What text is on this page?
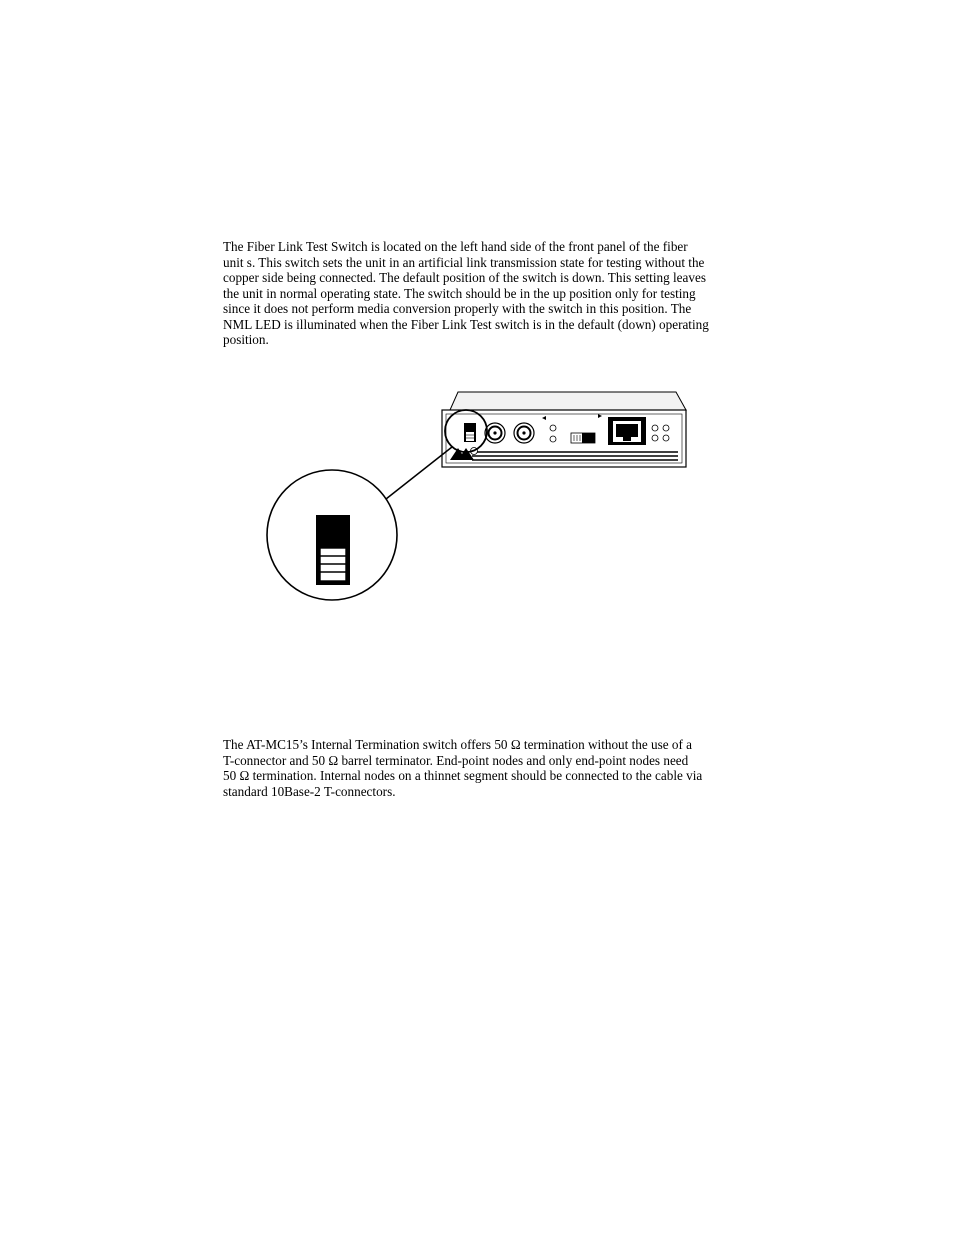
The Fiber Link Test Switch is located on the left hand side of the front panel of the fiber
unit s. This switch sets the unit in an artificial link transmission state for testing without the
copper side being connected. The default position of the switch is down. This setting leaves
the unit in normal operating state. The switch should be in the up position only for testing
since it does not perform media conversion properly with the switch in this position. The
NML LED is illuminated when the Fiber Link Test switch is in the default (down) operating
position.
The AT-MC15’s Internal Termination switch offers 50 Ω termination without the use of a
T-connector and 50 Ω barrel terminator. End-point nodes and only end-point nodes need
50 Ω termination. Internal nodes on a thinnet segment should be connected to the cable via
standard 10Base-2 T-connectors.
